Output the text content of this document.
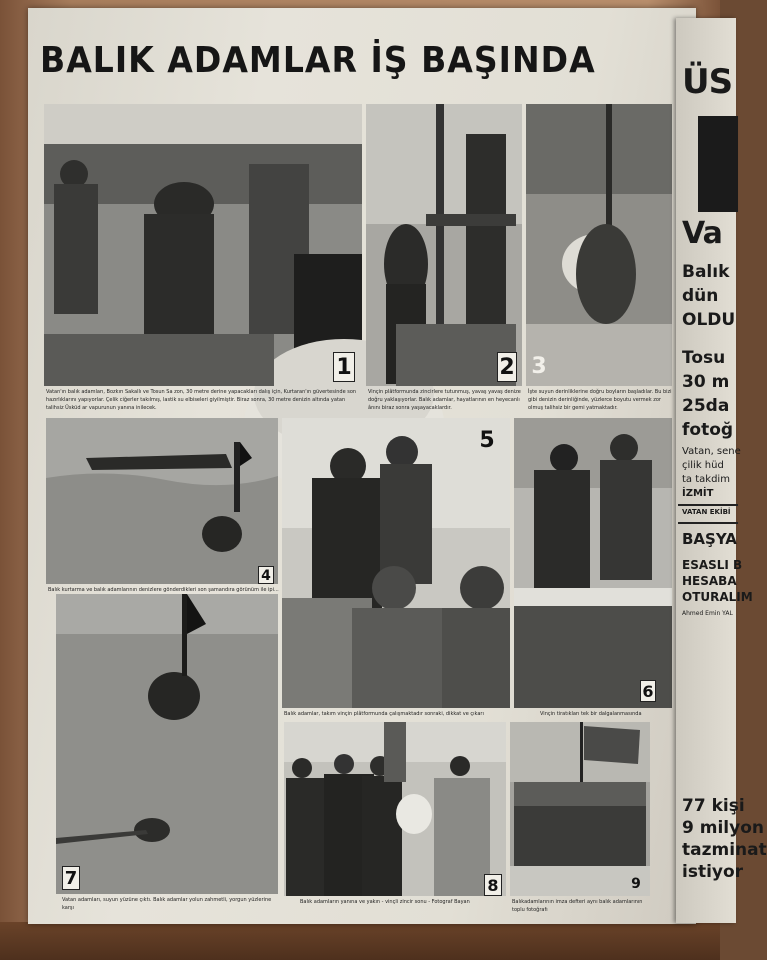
BALIK ADAMLAR İŞ BAŞINDA
1	2 3
Vatan'ın balık adamları, Bozkırı Sakallı ve Tosun Sa zon, 30 metre derine yapacakları dalış için, Kurtaran'ın güvertesinde son hazırlıklarını yapıyorlar. Çelik ciğerler takılmış, lastik su elbiseleri giyilmiştir. Biraz sonra, 30 metre denizin altında yatan talihsiz Üsküd ar vapurunun yanına inilecek.
Vinçin plâtformunda zincirlere tutunmuş, yavaş yavaş denize doğru yaklaşıyorlar. Balık adamlar, hayatlarının en heyecanlı ânını biraz sonra yaşayacaklardır.
İşte suyun derinliklerine doğru boyların başladılar. Bu bizi gibi denizin derinliğinde, yüzlerce boyutu vermek zor olmuş talihsiz bir gemi yatmaktadır.
4
Balık kurtarma ve balık adamlarının denizlere gönderdikleri son şamandıra görünüm ile ipi...
5
Balık adamlar, takım vinçin plâtformunda çalışmaktadır sonraki, dikkat ve çıkarı
6
Vinçin tiratıkları tek bir dalgalanmasında
7
Vatan adamları, suyun yüzüne çıktı. Balık adamlar yolun zahmetli, yorgun yüzlerine karşı
8
Balık adamların yanına ve yakın - vinçli zincir sonu - Fotograf Bayan
9
Balıkadamlarının imza defteri aynı balık adamlarının toplu fotoğrafı
ÜS
Va
Balık
dün
OLDU
Tosu
30 m
25da
fotoğ
Vatan, sene
çilik hüd
ta takdim
İZMİT
VATAN EKİBİ
BAŞYA
ESASLI B
HESABA
OTURALIM
Ahmed Emin YAL
77 kişi
9 milyon
tazminat
istiyor
